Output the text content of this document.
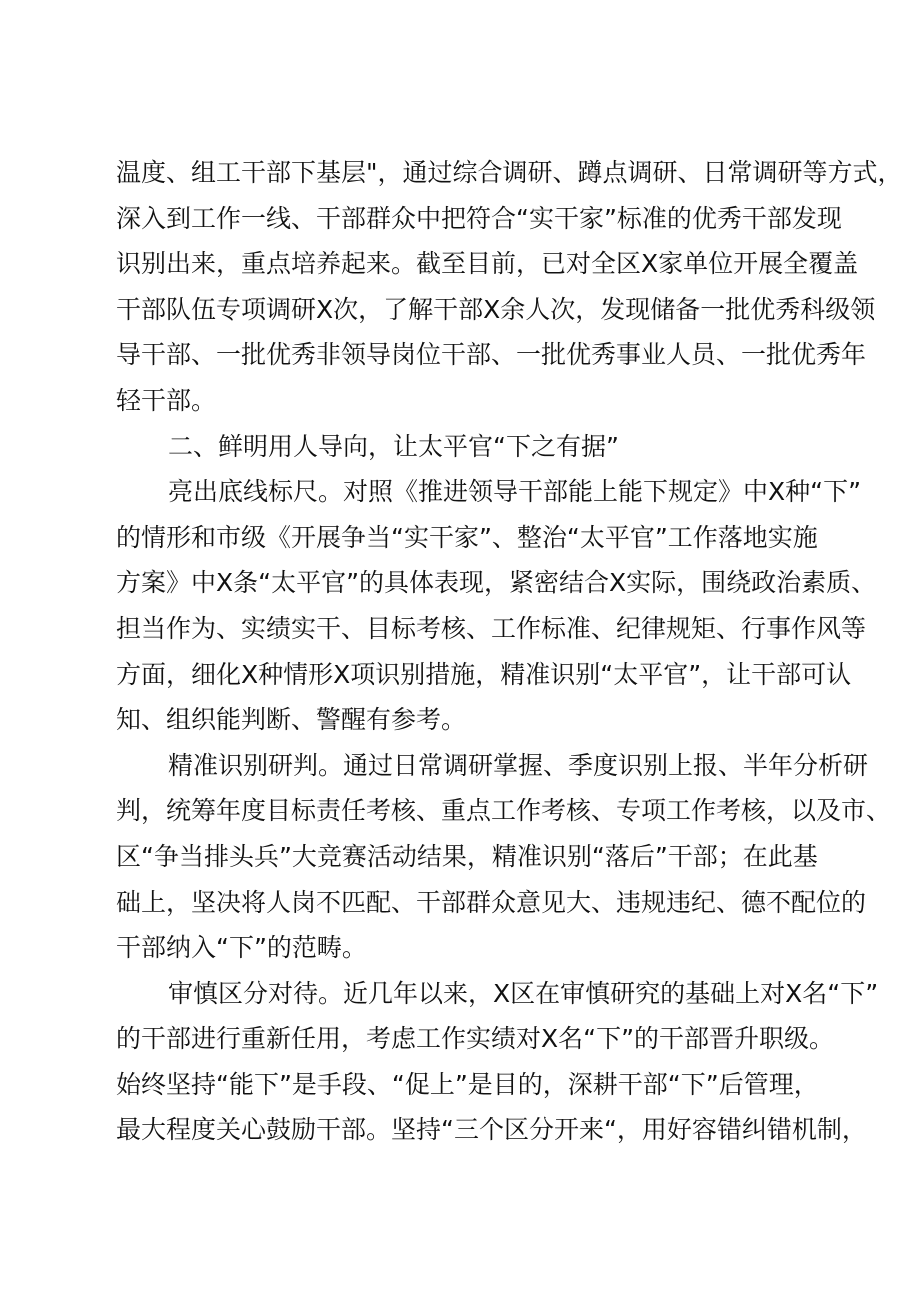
温度、组工干部下基层"，通过综合调研、蹲点调研、日常调研等方式，
深入到工作一线、干部群众中把符合“实干家”标准的优秀干部发现
识别出来，重点培养起来。截至目前，已对全区X家单位开展全覆盖
干部队伍专项调研X次，了解干部X余人次，发现储备一批优秀科级领
导干部、一批优秀非领导岗位干部、一批优秀事业人员、一批优秀年
轻干部。
二、鲜明用人导向，让太平官“下之有据”
亮出底线标尺。对照《推进领导干部能上能下规定》中X种“下”
的情形和市级《开展争当“实干家”、整治“太平官”工作落地实施
方案》中X条“太平官”的具体表现，紧密结合X实际，围绕政治素质、
担当作为、实绩实干、目标考核、工作标准、纪律规矩、行事作风等
方面，细化X种情形X项识别措施，精准识别“太平官”，让干部可认
知、组织能判断、警醒有参考。
精准识别研判。通过日常调研掌握、季度识别上报、半年分析研
判，统筹年度目标责任考核、重点工作考核、专项工作考核，以及市、
区“争当排头兵”大竞赛活动结果，精准识别“落后”干部；在此基
础上，坚决将人岗不匹配、干部群众意见大、违规违纪、德不配位的
干部纳入“下”的范畴。
审慎区分对待。近几年以来，X区在审慎研究的基础上对X名“下”
的干部进行重新任用，考虑工作实绩对X名“下”的干部晋升职级。
始终坚持“能下”是手段、“促上”是目的，深耕干部“下”后管理，
最大程度关心鼓励干部。坚持“三个区分开来“，用好容错纠错机制，
